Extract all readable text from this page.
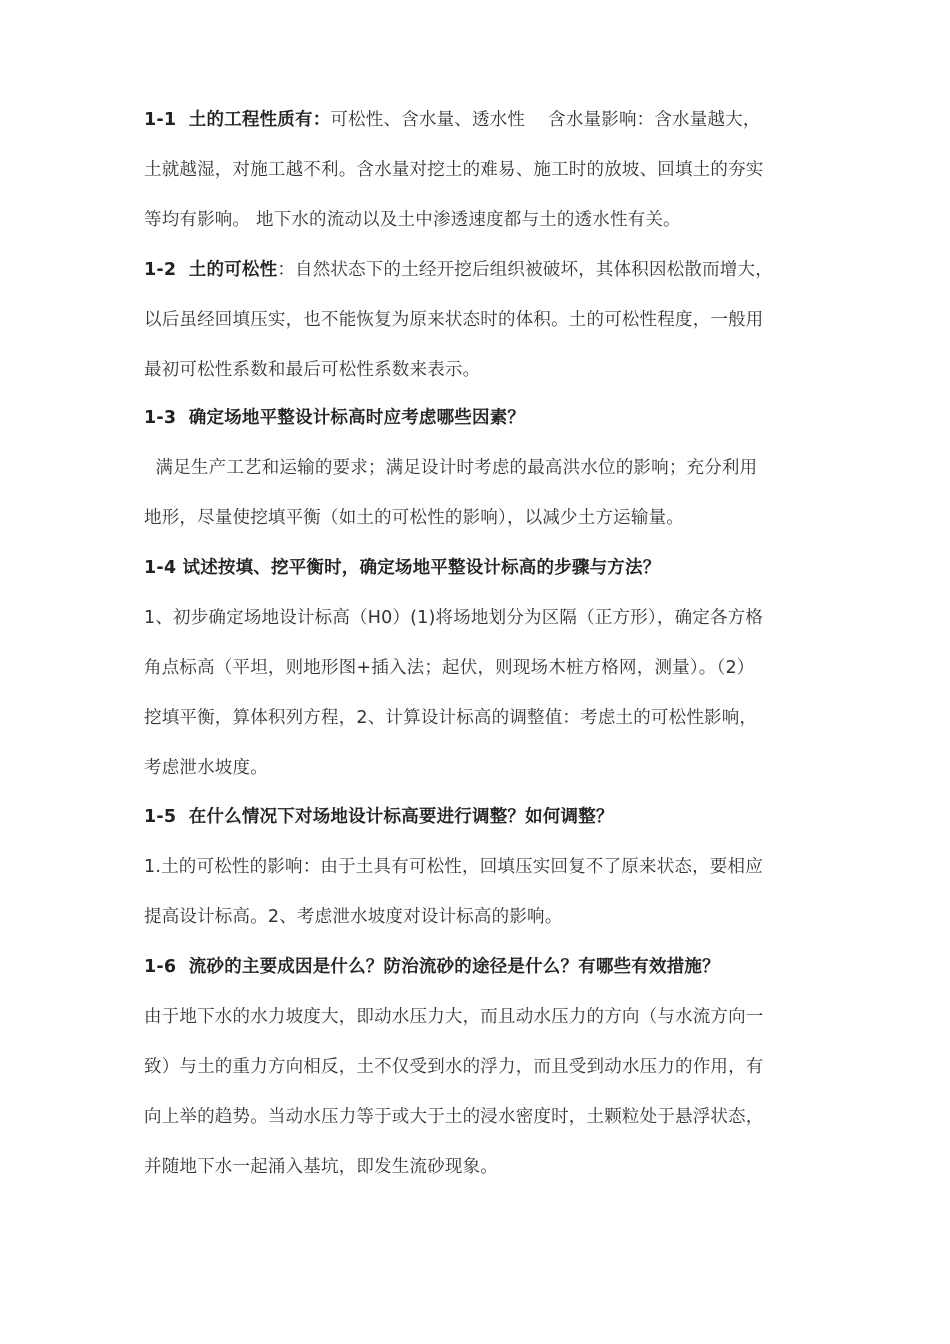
1-1  土的工程性质有：可松性、含水量、透水性    含水量影响：含水量越大，
土就越湿，对施工越不利。含水量对挖土的难易、施工时的放坡、回填土的夯实
等均有影响。 地下水的流动以及土中渗透速度都与土的透水性有关。
1-2  土的可松性：自然状态下的土经开挖后组织被破坏，其体积因松散而增大，
以后虽经回填压实，也不能恢复为原来状态时的体积。土的可松性程度，一般用
最初可松性系数和最后可松性系数来表示。
1-3  确定场地平整设计标高时应考虑哪些因素？
满足生产工艺和运输的要求；满足设计时考虑的最高洪水位的影响；充分利用
地形，尽量使挖填平衡（如土的可松性的影响），以减少土方运输量。
1-4 试述按填、挖平衡时，确定场地平整设计标高的步骤与方法？
1、初步确定场地设计标高（H0）(1)将场地划分为区隔（正方形），确定各方格
角点标高（平坦，则地形图+插入法；起伏，则现场木桩方格网，测量）。（2）
挖填平衡，算体积列方程，2、计算设计标高的调整值：考虑土的可松性影响，
考虑泄水坡度。
1-5  在什么情况下对场地设计标高要进行调整？如何调整？
1.土的可松性的影响：由于土具有可松性，回填压实回复不了原来状态，要相应
提高设计标高。2、考虑泄水坡度对设计标高的影响。
1-6  流砂的主要成因是什么？防治流砂的途径是什么？有哪些有效措施？
由于地下水的水力坡度大，即动水压力大，而且动水压力的方向（与水流方向一
致）与土的重力方向相反，土不仅受到水的浮力，而且受到动水压力的作用，有
向上举的趋势。当动水压力等于或大于土的浸水密度时，土颗粒处于悬浮状态，
并随地下水一起涌入基坑，即发生流砂现象。
